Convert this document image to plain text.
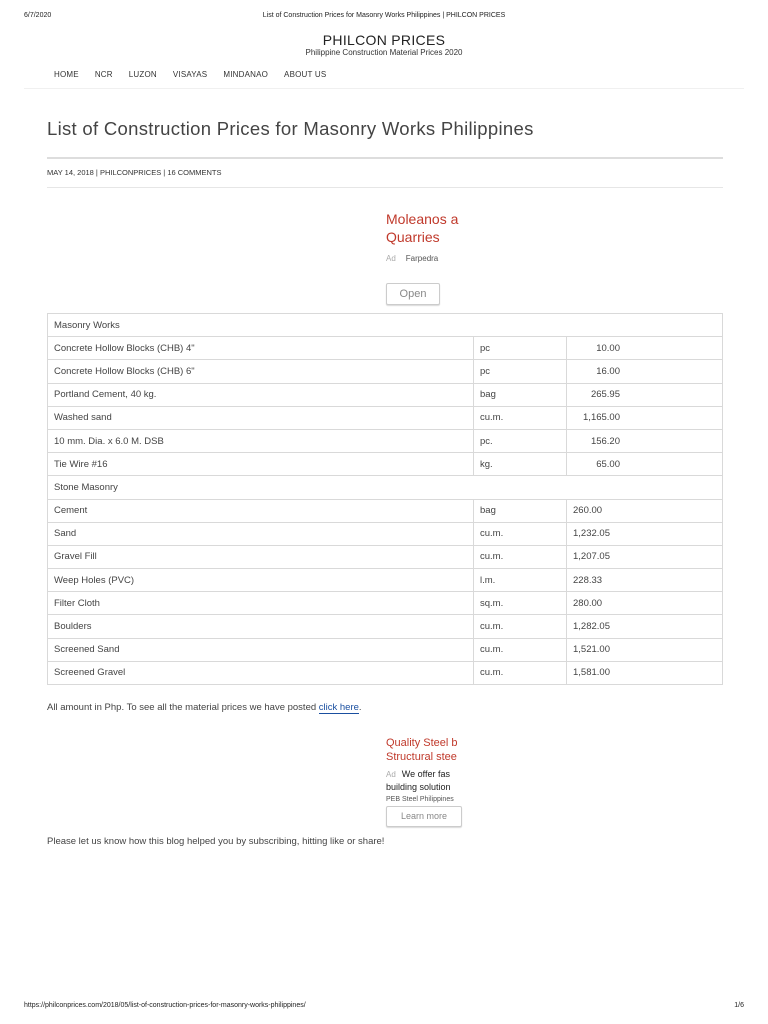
6/7/2020	List of Construction Prices for Masonry Works Philippines | PHILCON PRICES
PHILCON PRICES
Philippine Construction Material Prices 2020
HOME NCR LUZON VISAYAS MINDANAO ABOUT US
List of Construction Prices for Masonry Works Philippines
MAY 14, 2018 | PHILCONPRICES | 16 COMMENTS
Moleanos a
Quarries
Ad Farpedra
Open
Masonry Works		
Concrete Hollow Blocks (CHB) 4"	pc	10.00
Concrete Hollow Blocks (CHB) 6"	pc	16.00
Portland Cement, 40 kg.	bag	265.95
Washed sand	cu.m.	1,165.00
10 mm. Dia. x 6.0 M. DSB	pc.	156.20
Tie Wire #16	kg.	65.00
Stone Masonry		
Cement	bag	260.00
Sand	cu.m.	1,232.05
Gravel Fill	cu.m.	1,207.05
Weep Holes (PVC)	l.m.	228.33
Filter Cloth	sq.m.	280.00
Boulders	cu.m.	1,282.05
Screened Sand	cu.m.	1,521.00
Screened Gravel	cu.m.	1,581.00
All amount in Php. To see all the material prices we have posted click here.
Quality Steel b
Structural stee
Ad We offer fas
building solution
PEB Steel Philippines
Learn more
Please let us know how this blog helped you by subscribing, hitting like or share!
https://philconprices.com/2018/05/list-of-construction-prices-for-masonry-works-philippines/	1/6
